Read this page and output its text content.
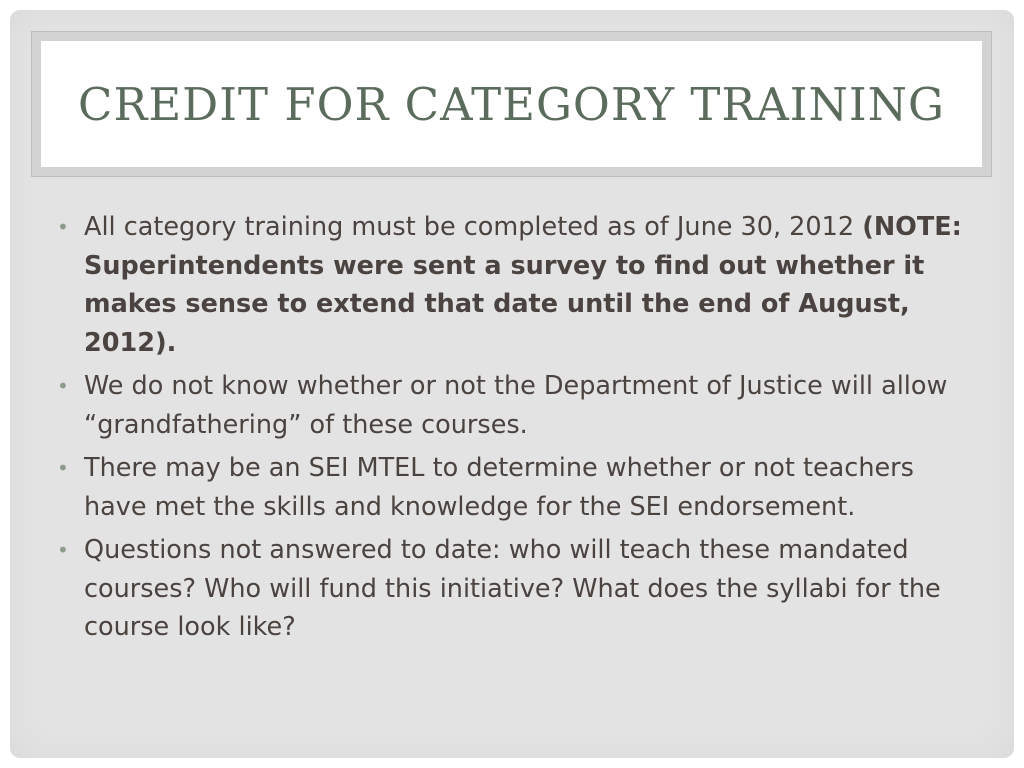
CREDIT FOR CATEGORY TRAINING
• All category training must be completed as of June 30, 2012 (NOTE: Superintendents were sent a survey to find out whether it makes sense to extend that date until the end of August, 2012).
• We do not know whether or not the Department of Justice will allow “grandfathering” of these courses.
• There may be an SEI MTEL to determine whether or not teachers have met the skills and knowledge for the SEI endorsement.
• Questions not answered to date: who will teach these mandated courses? Who will fund this initiative? What does the syllabi for the course look like?
